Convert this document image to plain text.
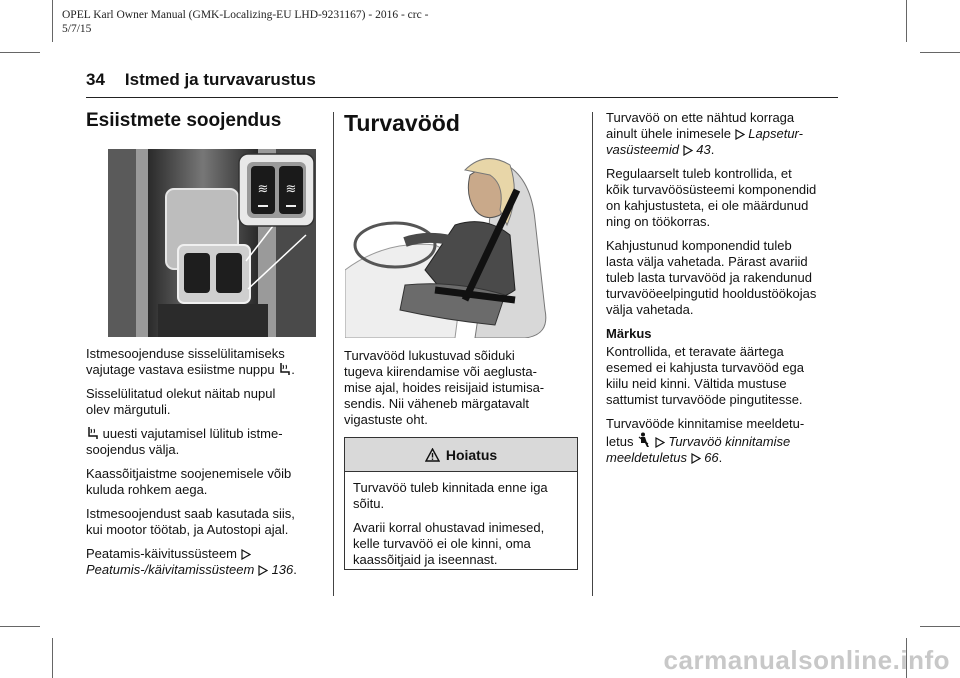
OPEL Karl Owner Manual (GMK-Localizing-EU LHD-9231167) - 2016 - crc -
5/7/15
34 Istmed ja turvavarustus
Esiistmete soojendus
≋ ≋

Istmesoojenduse sisselülitamiseks
vajutage vastava esiistme nuppu .

Sisselülitatud olekut näitab nupul
olev märgutuli.

uuesti vajutamisel lülitub istme-
soojendus välja.

Kaassõitjaistme soojenemisele võib
kuluda rohkem aega.

Istmesoojendust saab kasutada siis,
kui mootor töötab, ja Autostopi ajal.

Peatamis-käivitussüsteem
Peatumis-/käivitamissüsteem 136.

Turvavööd

Turvavööd lukustuvad sõiduki
tugeva kiirendamise või aeglusta-
mise ajal, hoides reisijaid istumisa-
sendis. Nii väheneb märgatavalt
vigastuste oht.

Hoiatus

Turvavöö tuleb kinnitada enne iga
sõitu.

Avarii korral ohustavad inimesed,
kelle turvavöö ei ole kinni, oma
kaassõitjaid ja iseennast.

Turvavöö on ette nähtud korraga
ainult ühele inimesele Lapsetur-
vasüsteemid 43.

Regulaarselt tuleb kontrollida, et
kõik turvavöösüsteemi komponendid
on kahjustusteta, ei ole määrdunud
ning on töökorras.

Kahjustunud komponendid tuleb
lasta välja vahetada. Pärast avariid
tuleb lasta turvavööd ja rakendunud
turvavööeelpingutid hooldustöökojas
välja vahetada.

Märkus

Kontrollida, et teravate äärtega
esemed ei kahjusta turvavööd ega
kiilu neid kinni. Vältida mustuse
sattumist turvavööde pingutitesse.

Turvavööde kinnitamise meeldetu-
letus	Turvavöö kinnitamise
meeldetuletus 66.

carmanualsonline.info
